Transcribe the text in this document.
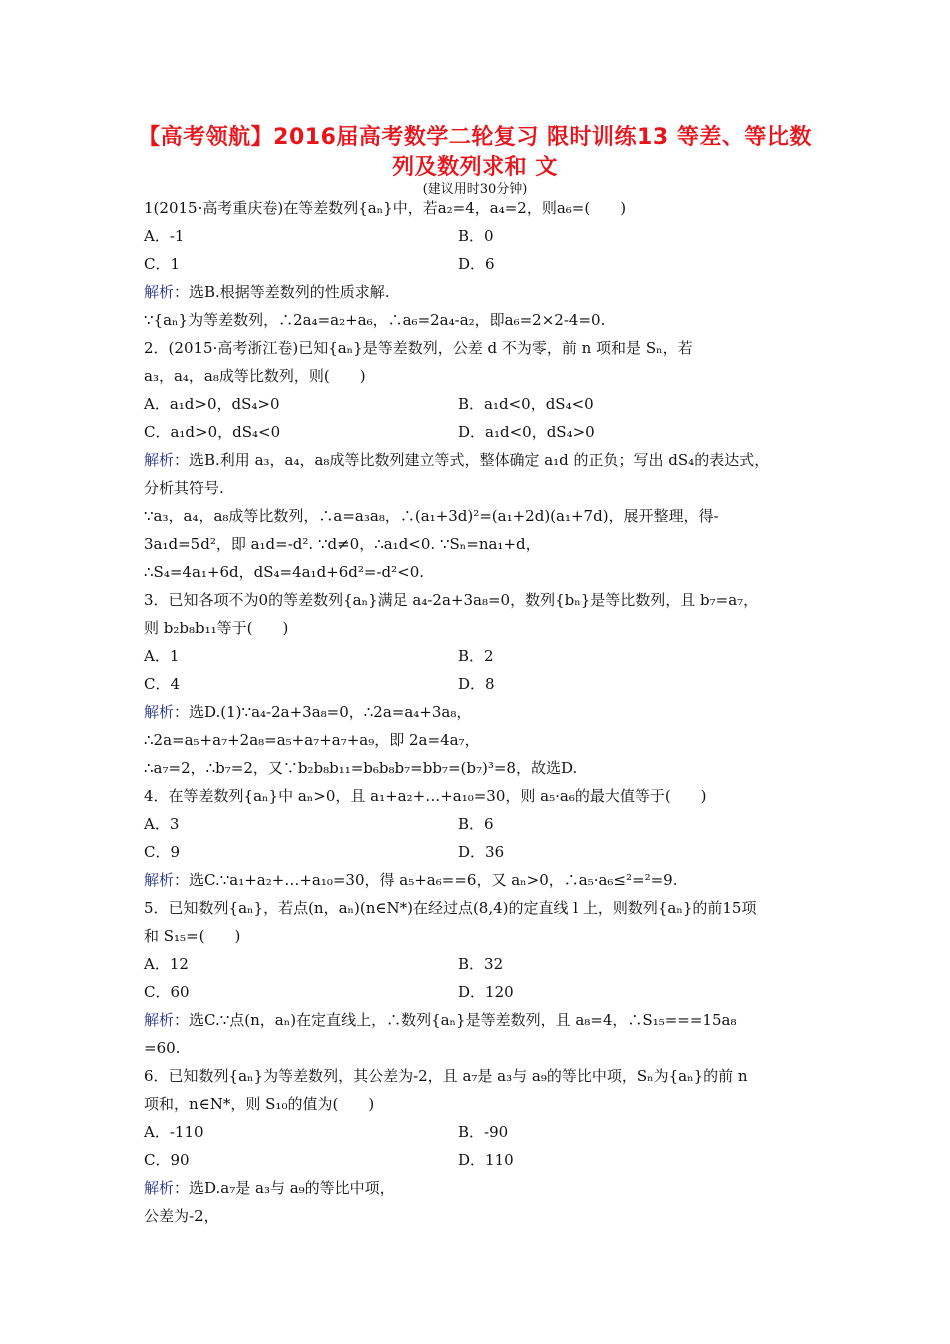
【高考领航】2016届高考数学二轮复习 限时训练13 等差、等比数
列及数列求和 文
(建议用时30分钟)
1(2015·高考重庆卷)在等差数列{aₙ}中，若a₂=4，a₄=2，则a₆=(　　)
A．-1	B．0
C．1	D．6
解析：选B.根据等差数列的性质求解.
∵{aₙ}为等差数列，∴2a₄=a₂+a₆，∴a₆=2a₄-a₂，即a₆=2×2-4=0.
2．(2015·高考浙江卷)已知{aₙ}是等差数列，公差 d 不为零，前 n 项和是 Sₙ，若
a₃，a₄，a₈成等比数列，则(　　)
A．a₁d>0，dS₄>0	B．a₁d<0，dS₄<0
C．a₁d>0，dS₄<0	D．a₁d<0，dS₄>0
解析：选B.利用 a₃，a₄，a₈成等比数列建立等式，整体确定 a₁d 的正负；写出 dS₄的表达式，
分析其符号.
∵a₃，a₄，a₈成等比数列，∴a=a₃a₈，∴(a₁+3d)²=(a₁+2d)(a₁+7d)，展开整理，得-
3a₁d=5d²，即 a₁d=-d². ∵d≠0，∴a₁d<0. ∵Sₙ=na₁+d，
∴S₄=4a₁+6d，dS₄=4a₁d+6d²=-d²<0.
3．已知各项不为0的等差数列{aₙ}满足 a₄-2a+3a₈=0，数列{bₙ}是等比数列，且 b₇=a₇，
则 b₂b₈b₁₁等于(　　)
A．1	B．2
C．4	D．8
解析：选D.(1)∵a₄-2a+3a₈=0，∴2a=a₄+3a₈，
∴2a=a₅+a₇+2a₈=a₅+a₇+a₇+a₉，即 2a=4a₇，
∴a₇=2，∴b₇=2，又∵b₂b₈b₁₁=b₆b₈b₇=bb₇=(b₇)³=8，故选D.
4．在等差数列{aₙ}中 aₙ>0，且 a₁+a₂+…+a₁₀=30，则 a₅·a₆的最大值等于(　　)
A．3	B．6
C．9	D．36
解析：选C.∵a₁+a₂+…+a₁₀=30，得 a₅+a₆==6，又 aₙ>0，∴a₅·a₆≤²=²=9.
5．已知数列{aₙ}，若点(n，aₙ)(n∈N*)在经过点(8,4)的定直线 l 上，则数列{aₙ}的前15项
和 S₁₅=(　　)
A．12	B．32
C．60	D．120
解析：选C.∵点(n，aₙ)在定直线上，∴数列{aₙ}是等差数列，且 a₈=4，∴S₁₅===15a₈
=60.
6．已知数列{aₙ}为等差数列，其公差为-2，且 a₇是 a₃与 a₉的等比中项，Sₙ为{aₙ}的前 n
项和，n∈N*，则 S₁₀的值为(　　)
A．-110	B．-90
C．90	D．110
解析：选D.a₇是 a₃与 a₉的等比中项，
公差为-2，
